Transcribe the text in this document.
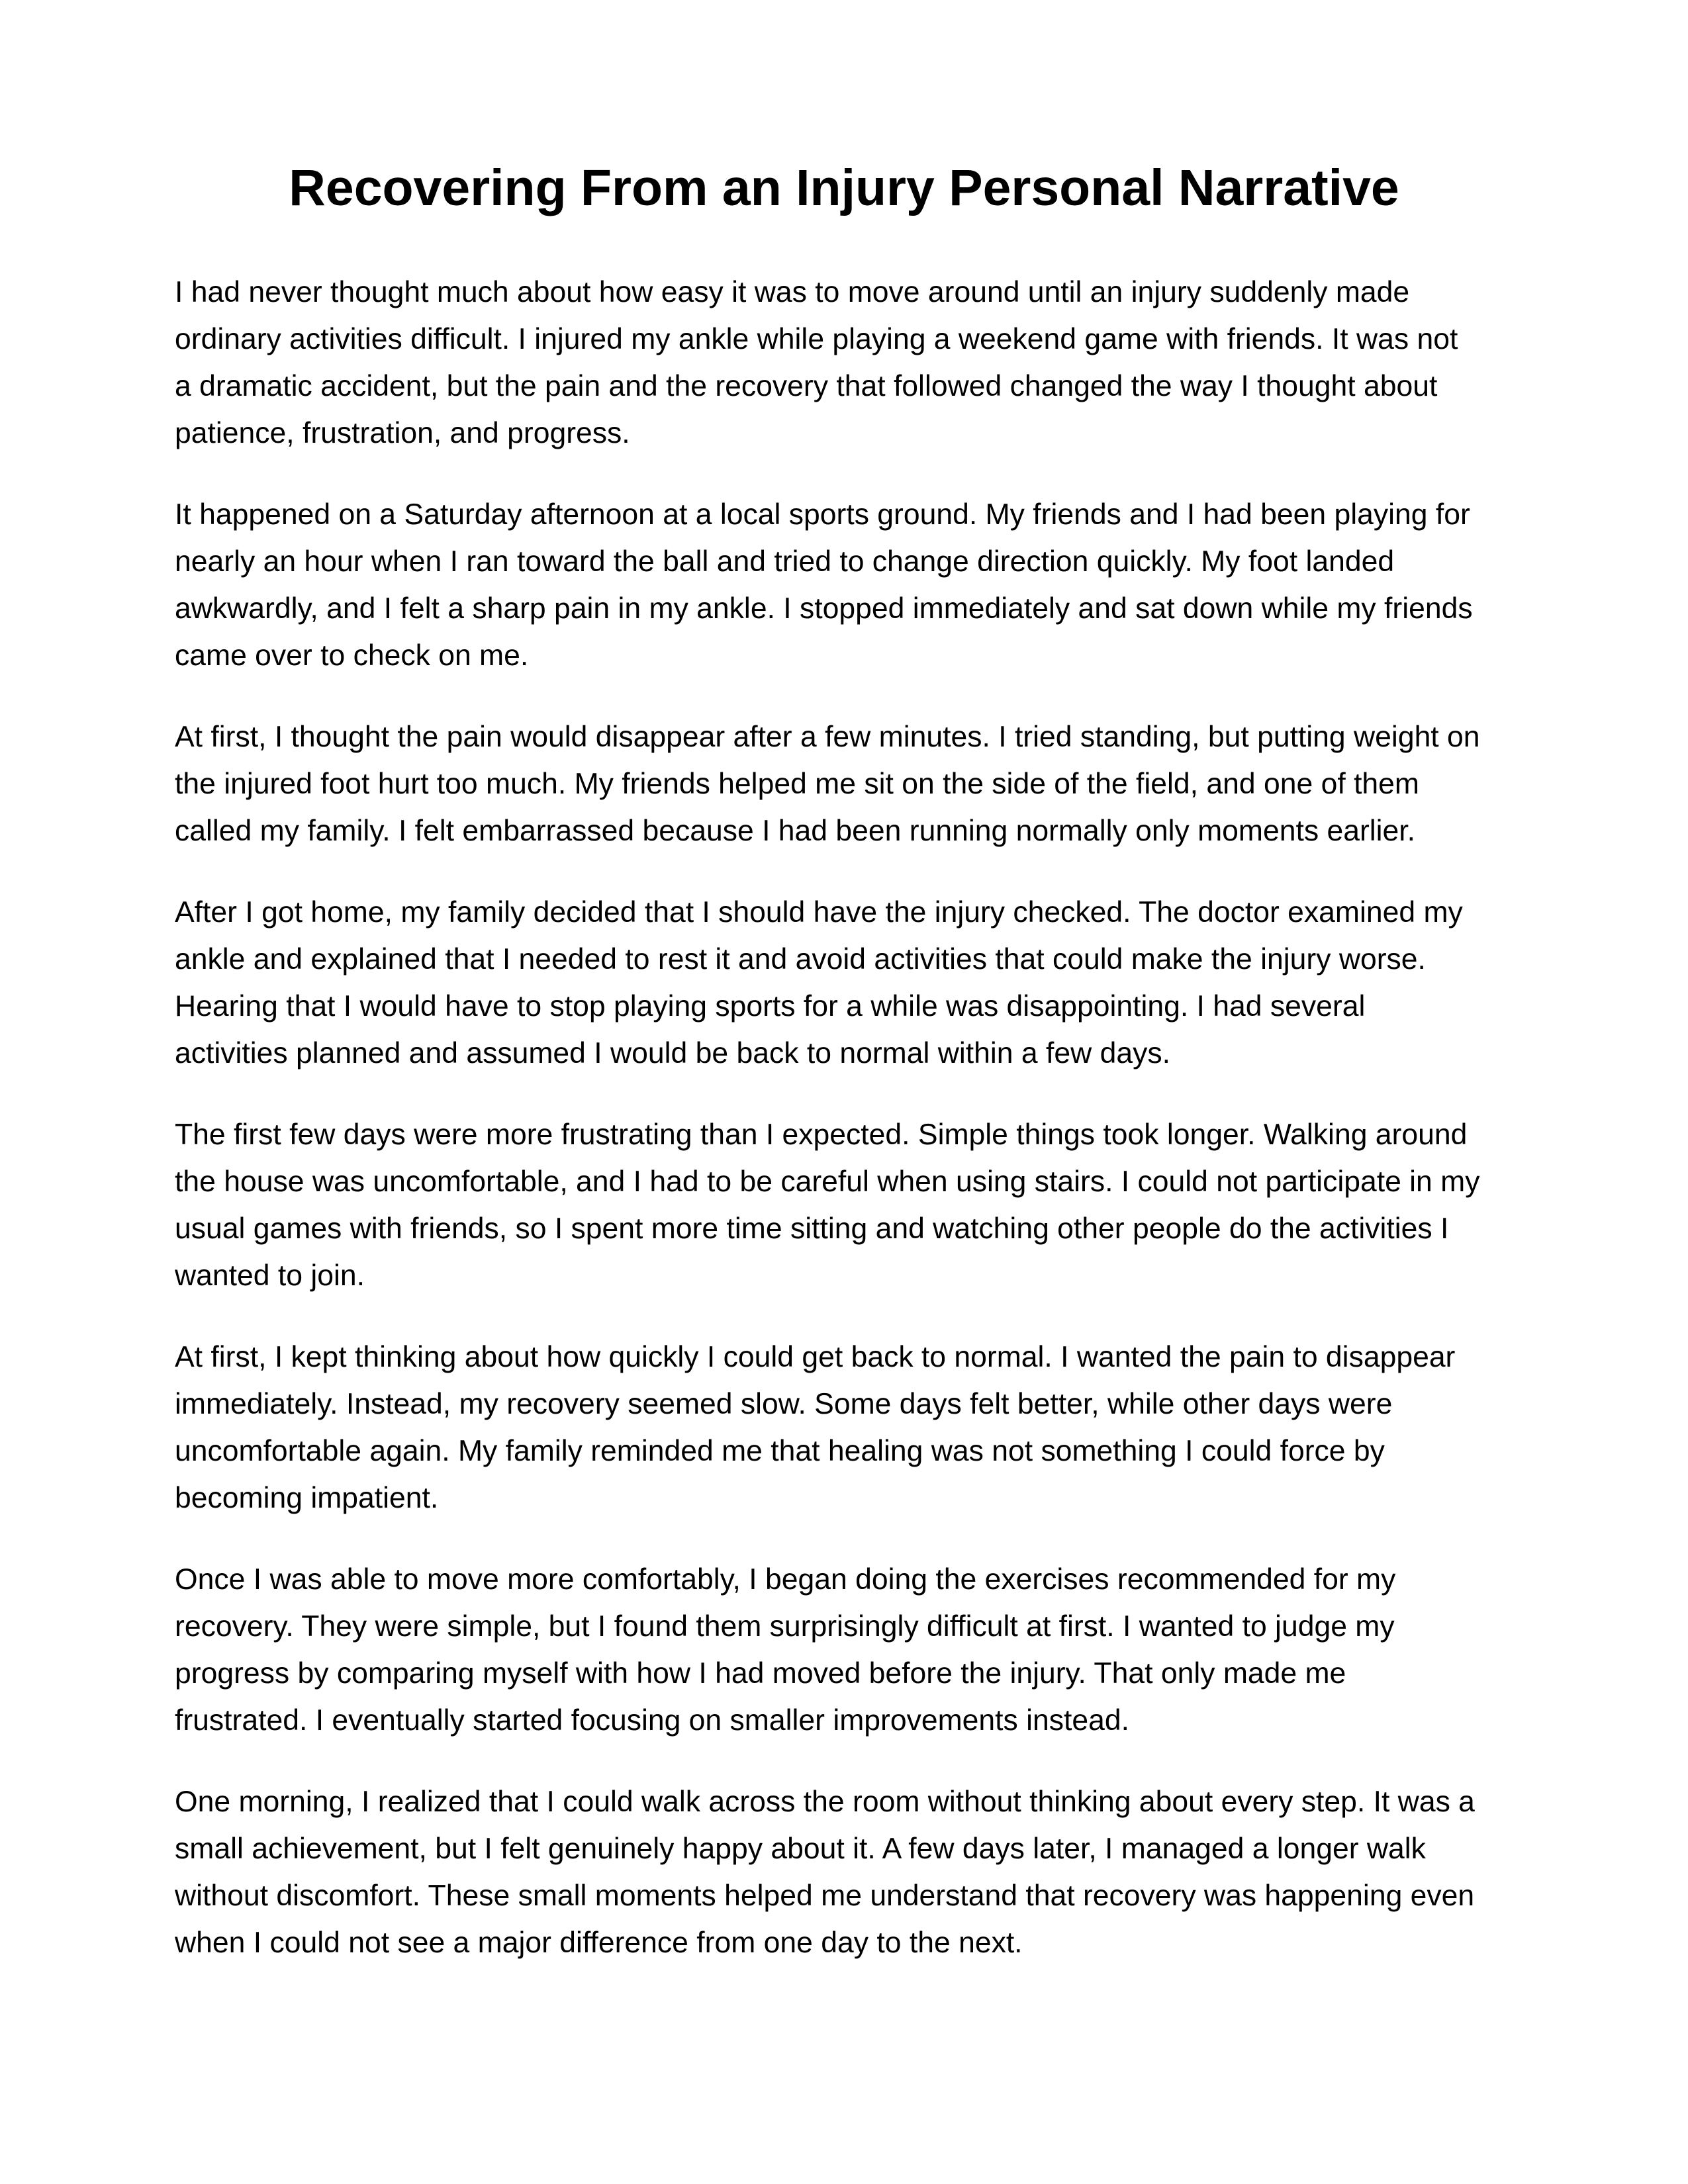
Recovering From an Injury Personal Narrative

I had never thought much about how easy it was to move around until an injury suddenly made
ordinary activities difficult. I injured my ankle while playing a weekend game with friends. It was not
a dramatic accident, but the pain and the recovery that followed changed the way I thought about
patience, frustration, and progress.

It happened on a Saturday afternoon at a local sports ground. My friends and I had been playing for
nearly an hour when I ran toward the ball and tried to change direction quickly. My foot landed
awkwardly, and I felt a sharp pain in my ankle. I stopped immediately and sat down while my friends
came over to check on me.

At first, I thought the pain would disappear after a few minutes. I tried standing, but putting weight on
the injured foot hurt too much. My friends helped me sit on the side of the field, and one of them
called my family. I felt embarrassed because I had been running normally only moments earlier.

After I got home, my family decided that I should have the injury checked. The doctor examined my
ankle and explained that I needed to rest it and avoid activities that could make the injury worse.
Hearing that I would have to stop playing sports for a while was disappointing. I had several
activities planned and assumed I would be back to normal within a few days.

The first few days were more frustrating than I expected. Simple things took longer. Walking around
the house was uncomfortable, and I had to be careful when using stairs. I could not participate in my
usual games with friends, so I spent more time sitting and watching other people do the activities I
wanted to join.

At first, I kept thinking about how quickly I could get back to normal. I wanted the pain to disappear
immediately. Instead, my recovery seemed slow. Some days felt better, while other days were
uncomfortable again. My family reminded me that healing was not something I could force by
becoming impatient.

Once I was able to move more comfortably, I began doing the exercises recommended for my
recovery. They were simple, but I found them surprisingly difficult at first. I wanted to judge my
progress by comparing myself with how I had moved before the injury. That only made me
frustrated. I eventually started focusing on smaller improvements instead.

One morning, I realized that I could walk across the room without thinking about every step. It was a
small achievement, but I felt genuinely happy about it. A few days later, I managed a longer walk
without discomfort. These small moments helped me understand that recovery was happening even
when I could not see a major difference from one day to the next.
